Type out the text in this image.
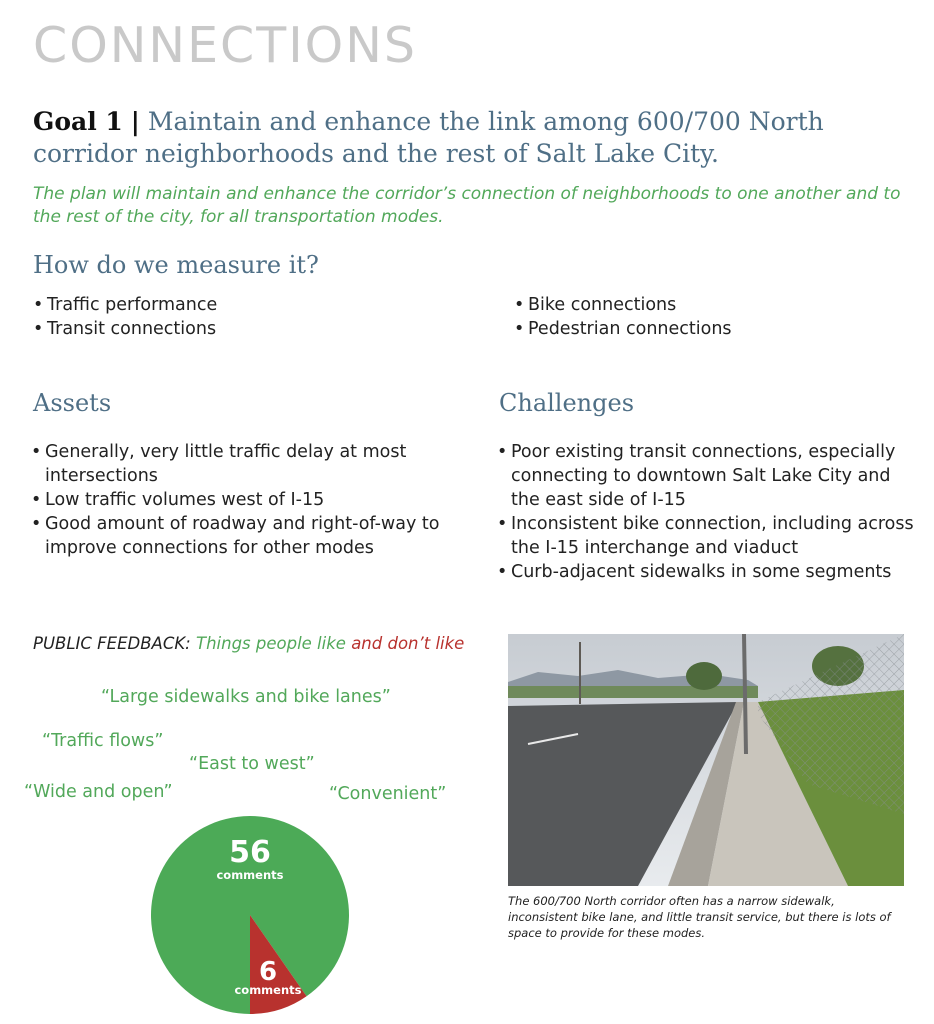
CONNECTIONS
Goal 1 | Maintain and enhance the link among 600/700 North corridor neighborhoods and the rest of Salt Lake City.
The plan will maintain and enhance the corridor’s connection of neighborhoods to one another and to the rest of the city, for all transportation modes.
How do we measure it?
• Traffic performance
• Transit connections
• Bike connections
• Pedestrian connections
Assets	Challenges
• Generally, very little traffic delay at most intersections
• Low traffic volumes west of I-15
• Good amount of roadway and right-of-way to improve connections for other modes
• Poor existing transit connections, especially connecting to downtown Salt Lake City and the east side of I-15
• Inconsistent bike connection, including across the I-15 interchange and viaduct
• Curb-adjacent sidewalks in some segments
PUBLIC FEEDBACK: Things people like and don’t like
“Large sidewalks and bike lanes”
“Traffic flows”
“East to west”
“Wide and open”	“Convenient”
56
comments
6
comments
The 600/700 North corridor often has a narrow sidewalk, inconsistent bike lane, and little transit service, but there is lots of space to provide for these modes.
